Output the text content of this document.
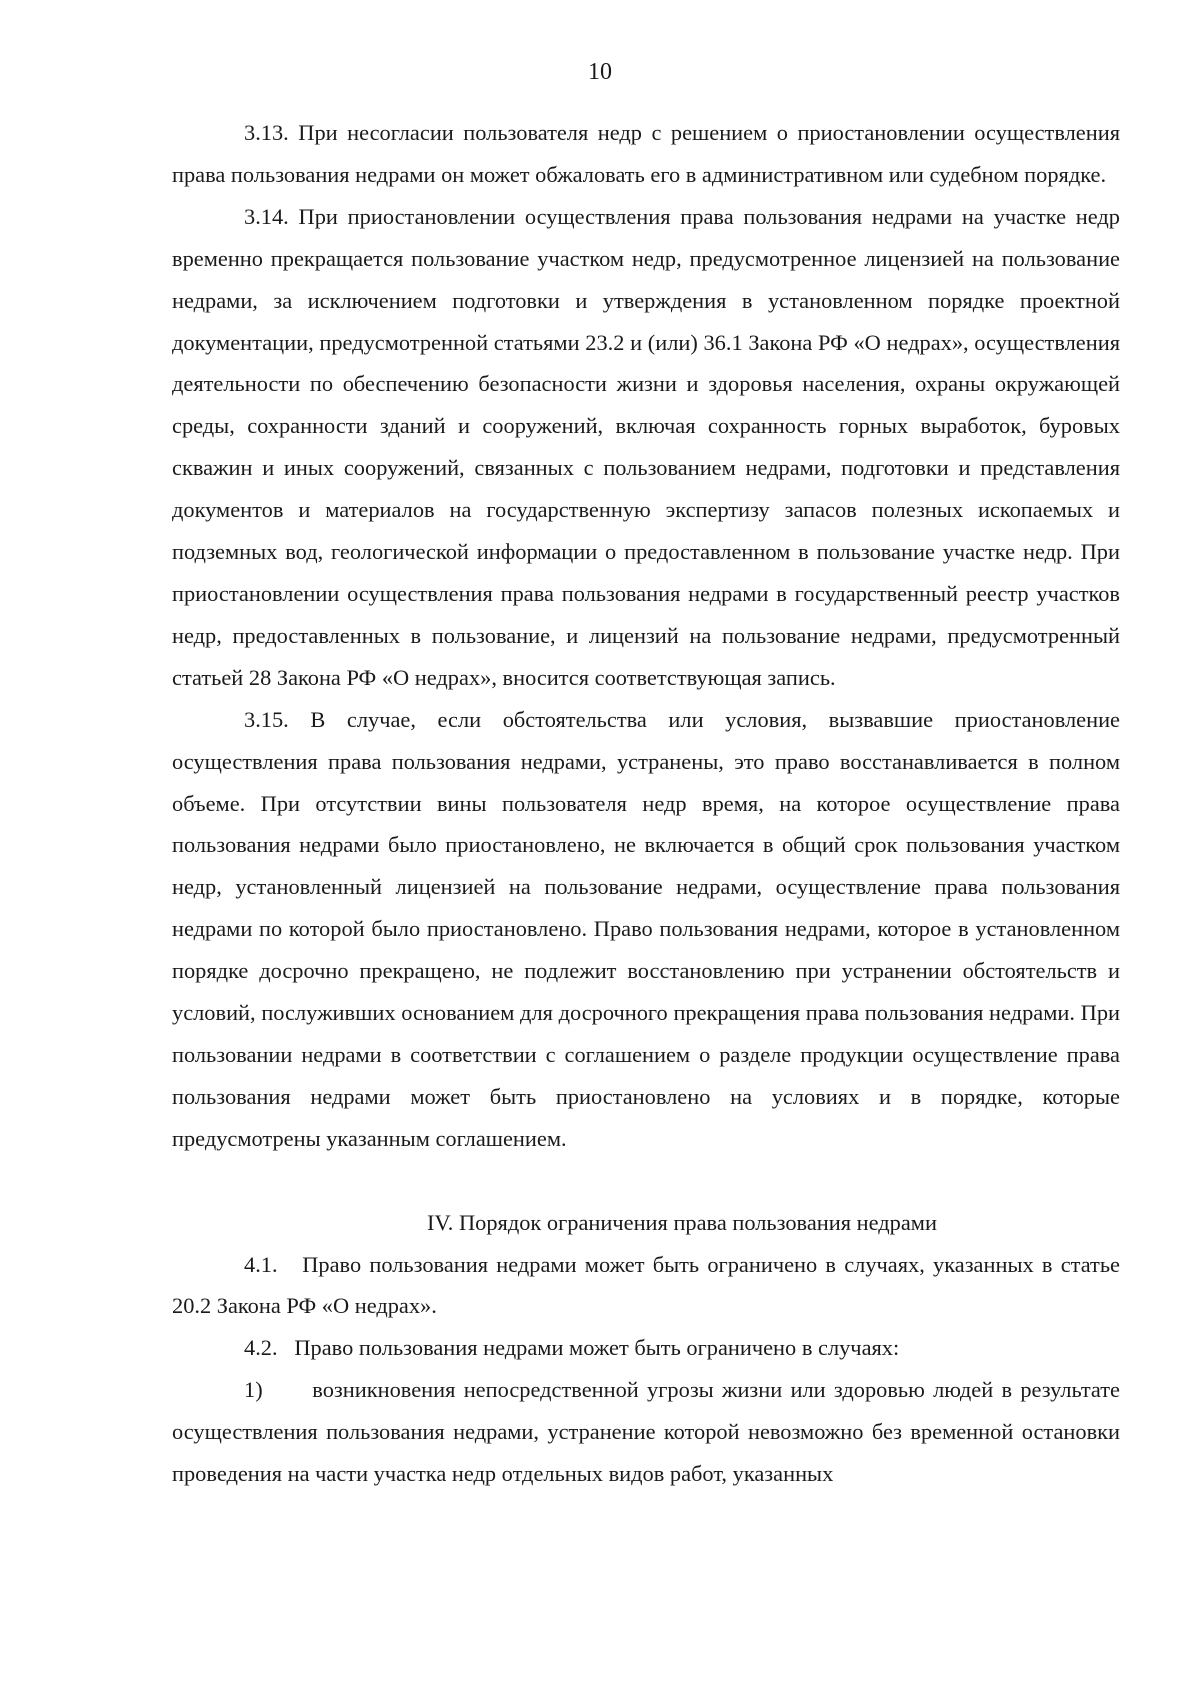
10

3.13. При несогласии пользователя недр с решением о приостановлении осуществления права пользования недрами он может обжаловать его в административном или судебном порядке.

3.14. При приостановлении осуществления права пользования недрами на участке недр временно прекращается пользование участком недр, предусмотренное лицензией на пользование недрами, за исключением подготовки и утверждения в установленном порядке проектной документации, предусмотренной статьями 23.2 и (или) 36.1 Закона РФ «О недрах», осуществления деятельности по обеспечению безопасности жизни и здоровья населения, охраны окружающей среды, сохранности зданий и сооружений, включая сохранность горных выработок, буровых скважин и иных сооружений, связанных с пользованием недрами, подготовки и представления документов и материалов на государственную экспертизу запасов полезных ископаемых и подземных вод, геологической информации о предоставленном в пользование участке недр. При приостановлении осуществления права пользования недрами в государственный реестр участков недр, предоставленных в пользование, и лицензий на пользование недрами, предусмотренный статьей 28 Закона РФ «О недрах», вносится соответствующая запись.

3.15. В случае, если обстоятельства или условия, вызвавшие приостановление осуществления права пользования недрами, устранены, это право восстанавливается в полном объеме. При отсутствии вины пользователя недр время, на которое осуществление права пользования недрами было приостановлено, не включается в общий срок пользования участком недр, установленный лицензией на пользование недрами, осуществление права пользования недрами по которой было приостановлено. Право пользования недрами, которое в установленном порядке досрочно прекращено, не подлежит восстановлению при устранении обстоятельств и условий, послуживших основанием для досрочного прекращения права пользования недрами. При пользовании недрами в соответствии с соглашением о разделе продукции осуществление права пользования недрами может быть приостановлено на условиях и в порядке, которые предусмотрены указанным соглашением.

IV. Порядок ограничения права пользования недрами

4.1.   Право пользования недрами может быть ограничено в случаях, указанных в статье 20.2 Закона РФ «О недрах».

4.2.   Право пользования недрами может быть ограничено в случаях:

1)      возникновения непосредственной угрозы жизни или здоровью людей в результате осуществления пользования недрами, устранение которой невозможно без временной остановки проведения на части участка недр отдельных видов работ, указанных
